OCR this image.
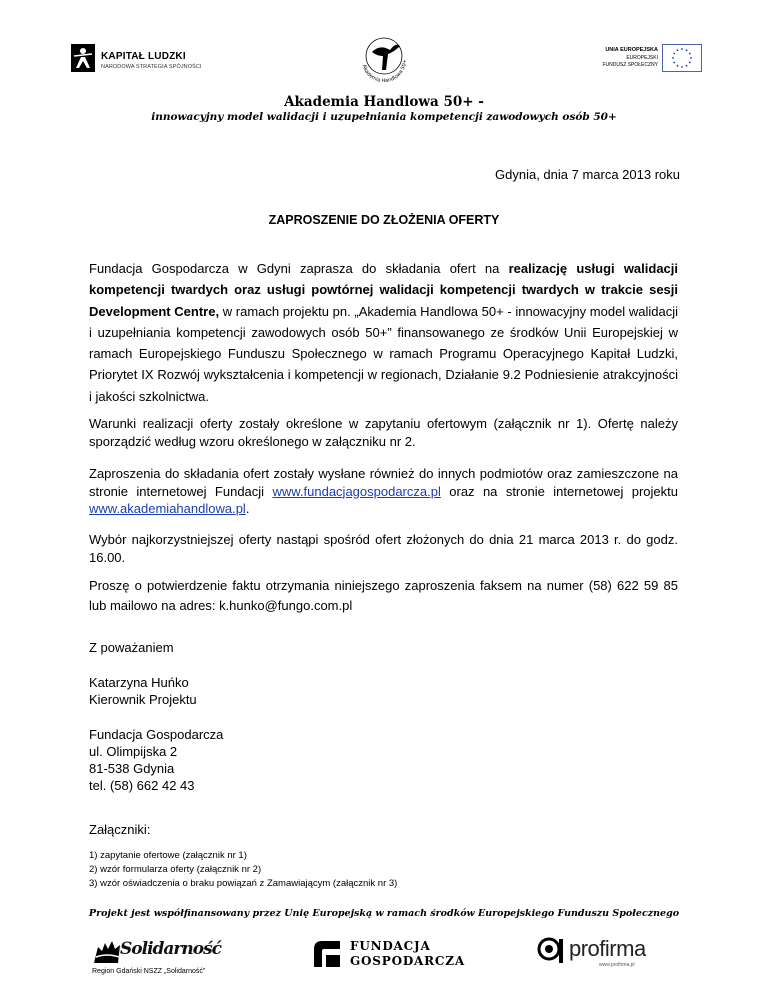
KAPITAŁ LUDZKI
NARODOWA STRATEGIA SPÓJNOŚCI	Akademia Handlowa 50+
UNIA EUROPEJSKA
EUROPEJSKI
FUNDUSZ SPOŁECZNY
Akademia Handlowa 50+ -
innowacyjny model walidacji i uzupełniania kompetencji zawodowych osób 50+
Gdynia, dnia 7 marca 2013 roku
ZAPROSZENIE DO ZŁOŻENIA OFERTY
Fundacja Gospodarcza w Gdyni zaprasza do składania ofert na realizację usługi walidacji kompetencji twardych oraz usługi powtórnej walidacji kompetencji twardych w trakcie sesji Development Centre, w ramach projektu pn. „Akademia Handlowa 50+ - innowacyjny model walidacji i uzupełniania kompetencji zawodowych osób 50+” finansowanego ze środków Unii Europejskiej w ramach Europejskiego Funduszu Społecznego w ramach Programu Operacyjnego Kapitał Ludzki, Priorytet IX Rozwój wykształcenia i kompetencji w regionach, Działanie 9.2 Podniesienie atrakcyjności i jakości szkolnictwa.
Warunki realizacji oferty zostały określone w zapytaniu ofertowym (załącznik nr 1). Ofertę należy sporządzić według wzoru określonego w załączniku nr 2.
Zaproszenia do składania ofert zostały wysłane również do innych podmiotów oraz zamieszczone na stronie internetowej Fundacji www.fundacjagospodarcza.pl oraz na stronie internetowej projektu www.akademiahandlowa.pl.
Wybór najkorzystniejszej oferty nastąpi spośród ofert złożonych do dnia 21 marca 2013 r. do godz. 16.00.
Proszę o potwierdzenie faktu otrzymania niniejszego zaproszenia faksem na numer (58) 622 59 85 lub mailowo na adres: k.hunko@fungo.com.pl
Z poważaniem
Katarzyna Huńko
Kierownik Projektu
Fundacja Gospodarcza
ul. Olimpijska 2
81-538 Gdynia
tel. (58) 662 42 43
Załączniki:
1) zapytanie ofertowe (załącznik nr 1)
2) wzór formularza oferty (załącznik nr 2)
3) wzór oświadczenia o braku powiązań z Zamawiającym (załącznik nr 3)
Projekt jest współfinansowany przez Unię Europejską w ramach środków Europejskiego Funduszu Społecznego
Solidarność
Region Gdański NSZZ „Solidarność”
FUNDACJA
GOSPODARCZA	profirma
www.profirma.pl
